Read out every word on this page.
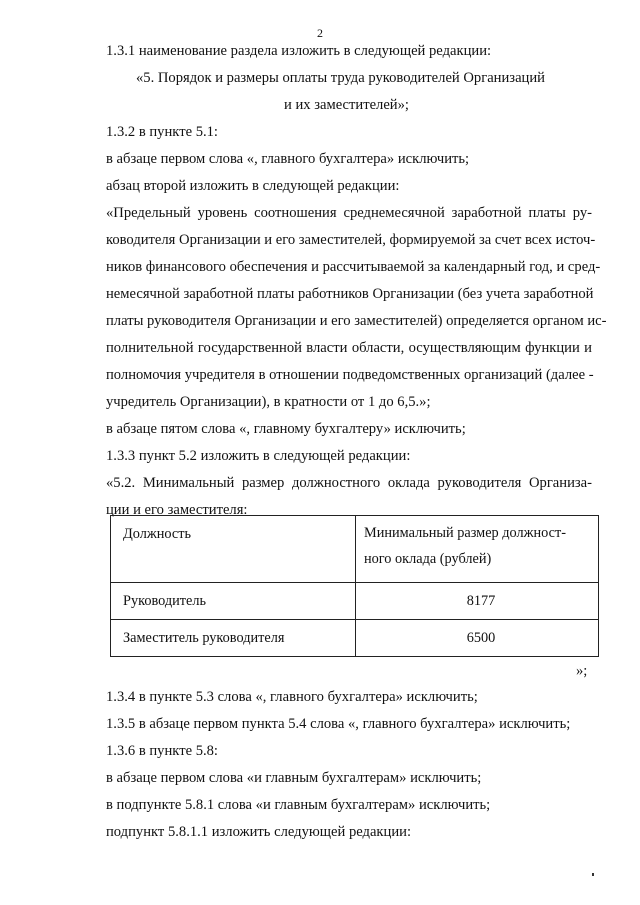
2
1.3.1 наименование раздела изложить в следующей редакции:
«5. Порядок и размеры оплаты труда руководителей Организаций
и их заместителей»;
1.3.2 в пункте 5.1:
в абзаце первом слова «, главного бухгалтера» исключить;
абзац второй изложить в следующей редакции:
«Предельный уровень соотношения среднемесячной заработной платы ру-
ководителя Организации и его заместителей, формируемой за счет всех источ-
ников финансового обеспечения и рассчитываемой за календарный год, и сред-
немесячной заработной платы работников Организации (без учета заработной
платы руководителя Организации и его заместителей) определяется органом ис-
полнительной государственной власти области, осуществляющим функции и
полномочия учредителя в отношении подведомственных организаций (далее -
учредитель Организации), в кратности от 1 до 6,5.»;
в абзаце пятом слова «, главному бухгалтеру» исключить;
1.3.3 пункт 5.2 изложить в следующей редакции:
«5.2. Минимальный размер должностного оклада руководителя Организа-
ции и его заместителя:
Должность	Минимальный размер должност-
ного оклада (рублей)

Руководитель	8177
Заместитель руководителя	6500
»;
1.3.4 в пункте 5.3 слова «, главного бухгалтера» исключить;
1.3.5 в абзаце первом пункта 5.4 слова «, главного бухгалтера» исключить;
1.3.6 в пункте 5.8:
в абзаце первом слова «и главным бухгалтерам» исключить;
в подпункте 5.8.1 слова «и главным бухгалтерам» исключить;
подпункт 5.8.1.1 изложить следующей редакции:
